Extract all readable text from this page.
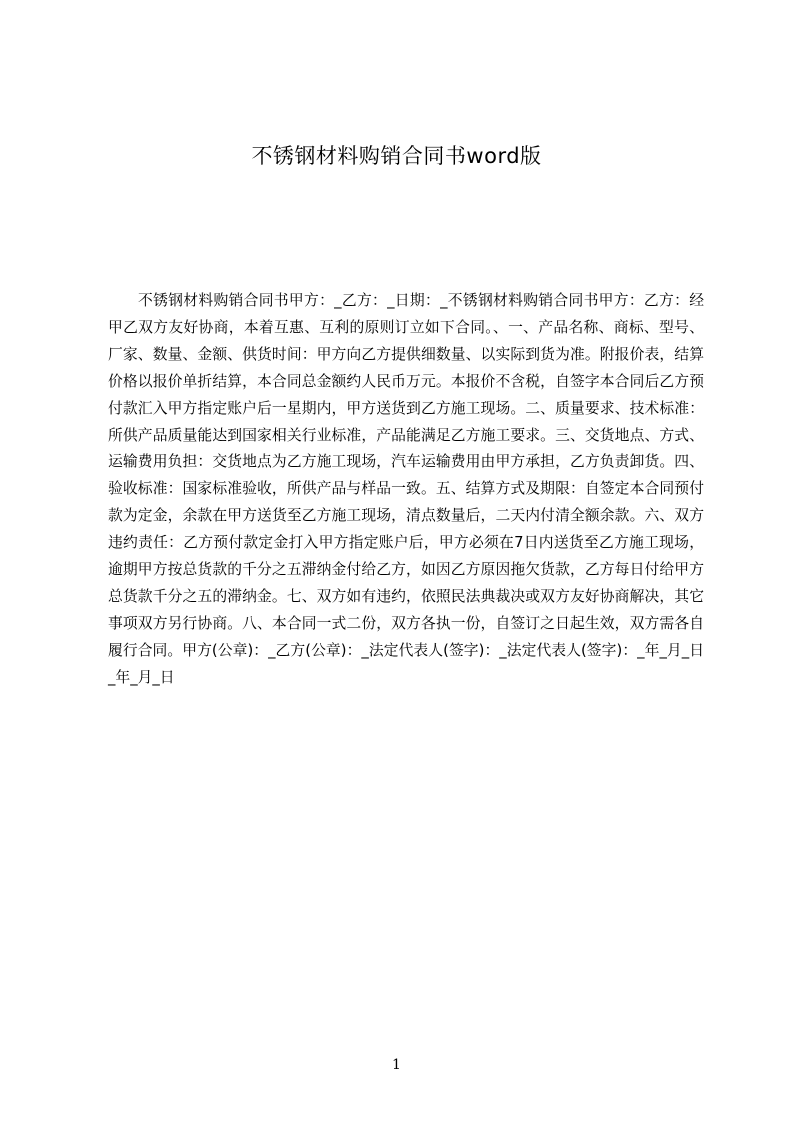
不锈钢材料购销合同书word版

不锈钢材料购销合同书甲方：_乙方：_日期：_不锈钢材料购销合同书甲方：乙方：经甲乙双方友好协商，本着互惠、互利的原则订立如下合同。、一、产品名称、商标、型号、厂家、数量、金额、供货时间：甲方向乙方提供细数量、以实际到货为准。附报价表，结算价格以报价单折结算，本合同总金额约人民币万元。本报价不含税，自签字本合同后乙方预付款汇入甲方指定账户后一星期内，甲方送货到乙方施工现场。二、质量要求、技术标准：所供产品质量能达到国家相关行业标准，产品能满足乙方施工要求。三、交货地点、方式、运输费用负担：交货地点为乙方施工现场，汽车运输费用由甲方承担，乙方负责卸货。四、验收标准：国家标准验收，所供产品与样品一致。五、结算方式及期限：自签定本合同预付款为定金，余款在甲方送货至乙方施工现场，清点数量后，二天内付清全额余款。六、双方违约责任：乙方预付款定金打入甲方指定账户后，甲方必须在7日内送货至乙方施工现场，逾期甲方按总货款的千分之五滞纳金付给乙方，如因乙方原因拖欠货款，乙方每日付给甲方总货款千分之五的滞纳金。七、双方如有违约，依照民法典裁决或双方友好协商解决，其它事项双方另行协商。八、本合同一式二份，双方各执一份，自签订之日起生效，双方需各自履行合同。甲方(公章)：_乙方(公章)：_法定代表人(签字)：_法定代表人(签字)：_年_月_日_年_月_日

1
